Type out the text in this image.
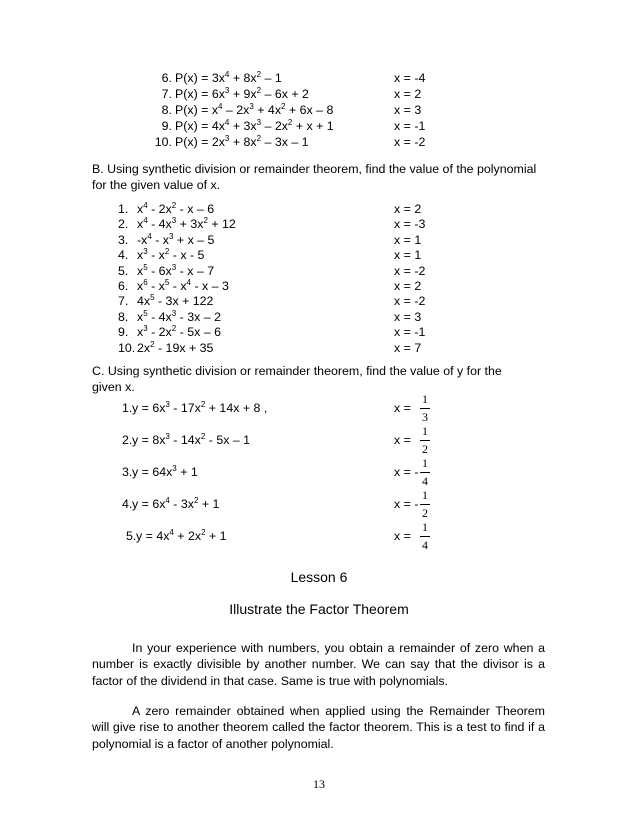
B. Using synthetic division or remainder theorem, find the value of the polynomial
for the given value of x.
C. Using synthetic division or remainder theorem, find the value of y for the
given x.
Lesson 6
Illustrate the Factor Theorem

In your experience with numbers, you obtain a remainder of zero when a number is exactly divisible by another number. We can say that the divisor is a factor of the dividend in that case. Same is true with polynomials.

A zero remainder obtained when applied using the Remainder Theorem will give rise to another theorem called the factor theorem. This is a test to find if a polynomial is a factor of another polynomial.

13
6. $P(x) = 3x^4 + 8x^2 - 1$	x = -4
7. $P(x) = 6x^3 + 9x^2 - 6x + 2$	x = 2
8. $P(x) = x^4 - 2x^3 + 4x^2 + 6x - 8$	x = 3
9. $P(x) = 4x^4 + 3x^3 - 2x^2 + x + 1$	x = -1
10. $P(x) = 2x^3 + 8x^2 - 3x - 1$	x = -2
1. $x^4 - 2x^2$ - x – 6	x = 2
2. $x^4 - 4x^3 + 3x^2 + 12$	x = -3
3. $-x^4 - x^3 + x - 5$	x = 1
4. $x^3 - x^2$ - x - 5	x = 1
5. $x^5 - 6x^3$ - x – 7	x = -2
6. $x^6 - x^5 - x^4$ - x – 3	x = 2
7. $4x^5 - 3x + 122$	x = -2
8. $x^5 - 4x^3 - 3x - 2$	x = 3
9. $x^3 - 2x^2 - 5x - 6$	x = -1
10. $2x^2 - 19x + 35$	x = 7
1. $y = 6x^3 - 17x^2 + 14x + 8$ ,	x =
1
3
2. $y = 8x^3 - 14x^2 - 5x - 1$	x =
1
2
3. $y = 64x^3 + 1$	x = -
1
4
4. $y = 6x^4 - 3x^2 + 1$	x = -
1
2
5. $y = 4x^4 + 2x^2 + 1$	x =
1
4
